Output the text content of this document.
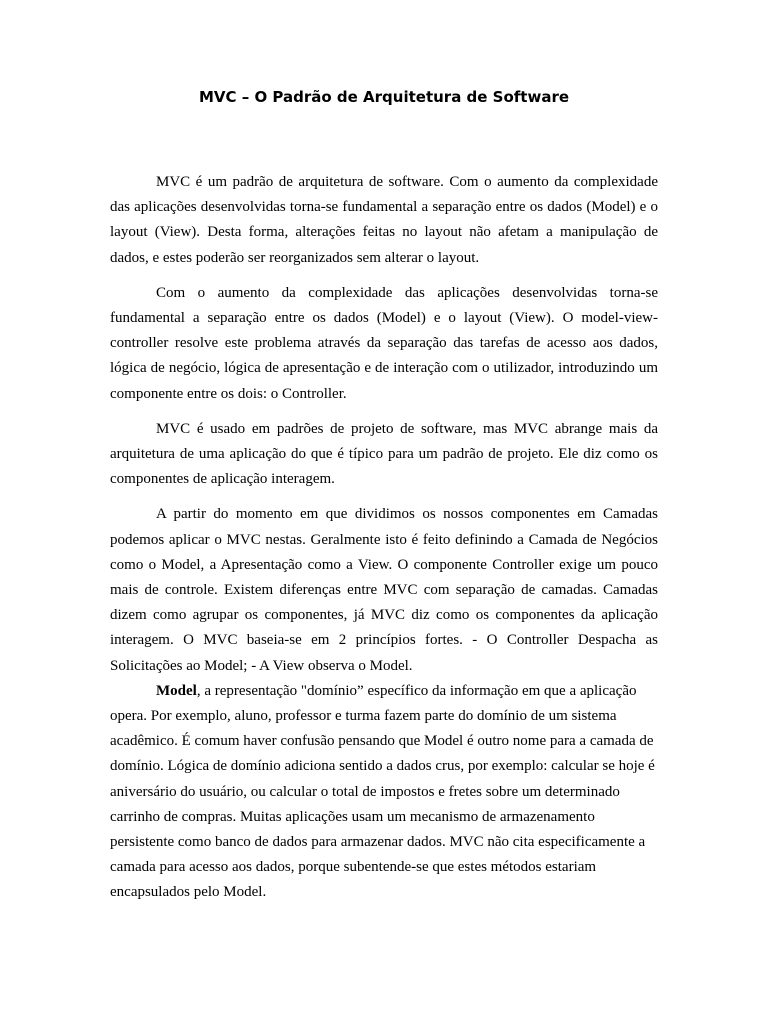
MVC – O Padrão de Arquitetura de Software

MVC é um padrão de arquitetura de software. Com o aumento da complexidade das aplicações desenvolvidas torna-se fundamental a separação entre os dados (Model) e o layout (View). Desta forma, alterações feitas no layout não afetam a manipulação de dados, e estes poderão ser reorganizados sem alterar o layout.

Com o aumento da complexidade das aplicações desenvolvidas torna-se fundamental a separação entre os dados (Model) e o layout (View). O model-view-controller resolve este problema através da separação das tarefas de acesso aos dados, lógica de negócio, lógica de apresentação e de interação com o utilizador, introduzindo um componente entre os dois: o Controller.

MVC é usado em padrões de projeto de software, mas MVC abrange mais da arquitetura de uma aplicação do que é típico para um padrão de projeto. Ele diz como os componentes de aplicação interagem.

A partir do momento em que dividimos os nossos componentes em Camadas podemos aplicar o MVC nestas. Geralmente isto é feito definindo a Camada de Negócios como o Model, a Apresentação como a View. O componente Controller exige um pouco mais de controle. Existem diferenças entre MVC com separação de camadas. Camadas dizem como agrupar os componentes, já MVC diz como os componentes da aplicação interagem. O MVC baseia-se em 2 princípios fortes. - O Controller Despacha as Solicitações ao Model; - A View observa o Model.

Model, a representação "domínio” específico da informação em que a aplicação opera. Por exemplo, aluno, professor e turma fazem parte do domínio de um sistema acadêmico. É comum haver confusão pensando que Model é outro nome para a camada de domínio. Lógica de domínio adiciona sentido a dados crus, por exemplo: calcular se hoje é aniversário do usuário, ou calcular o total de impostos e fretes sobre um determinado carrinho de compras. Muitas aplicações usam um mecanismo de armazenamento persistente como banco de dados para armazenar dados. MVC não cita especificamente a camada para acesso aos dados, porque subentende-se que estes métodos estariam encapsulados pelo Model.
